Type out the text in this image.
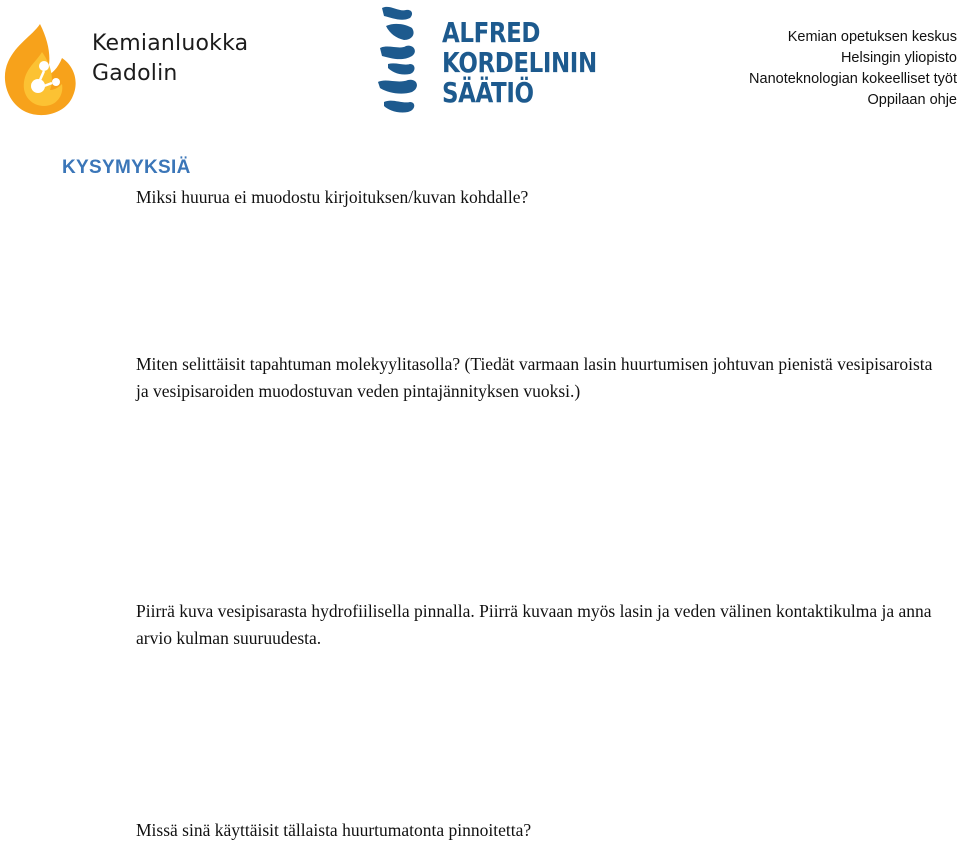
Kemianluokka
Gadolin
ALFRED
KORDELININ
SÄÄTIÖ
Kemian opetuksen keskus
Helsingin yliopisto
Nanoteknologian kokeelliset työt
Oppilaan ohje
KYSYMYKSIÄ
Miksi huurua ei muodostu kirjoituksen/kuvan kohdalle?
Miten selittäisit tapahtuman molekyylitasolla? (Tiedät varmaan lasin huurtumisen johtuvan pienistä vesipisaroista ja vesipisaroiden muodostuvan veden pintajännityksen vuoksi.)
Piirrä kuva vesipisarasta hydrofiilisella pinnalla. Piirrä kuvaan myös lasin ja veden välinen kontaktikulma ja anna arvio kulman suuruudesta.
Missä sinä käyttäisit tällaista huurtumatonta pinnoitetta?
